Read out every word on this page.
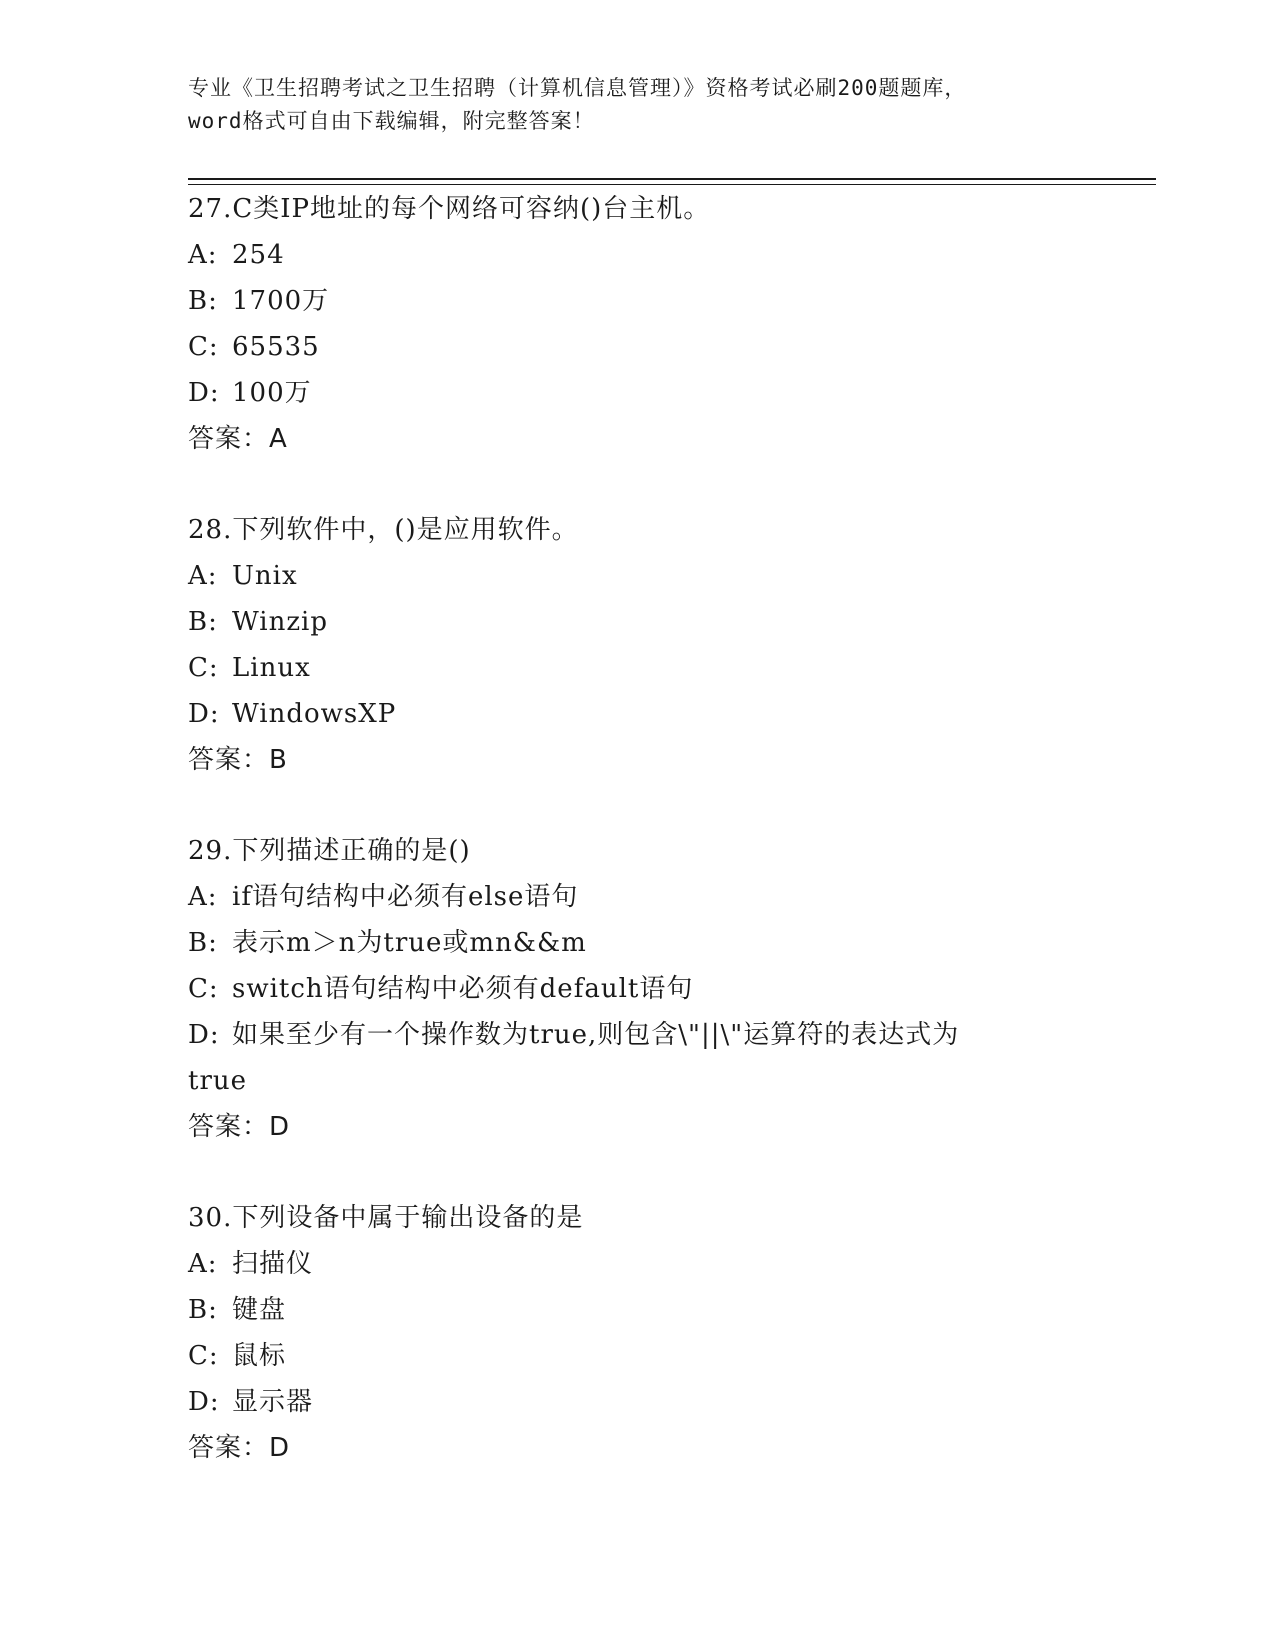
专业《卫生招聘考试之卫生招聘（计算机信息管理）》资格考试必刷200题题库，
word格式可自由下载编辑，附完整答案！
27.C类IP地址的每个网络可容纳()台主机。
A: 254
B: 1700万
C: 65535
D: 100万
答案：A
28.下列软件中，()是应用软件。
A: Unix
B: Winzip
C: Linux
D: WindowsXP
答案：B
29.下列描述正确的是()
A: if语句结构中必须有else语句
B: 表示m＞n为true或mn&&m
C: switch语句结构中必须有default语句
D: 如果至少有一个操作数为true,则包含\"||\"运算符的表达式为
true
答案：D
30.下列设备中属于输出设备的是
A: 扫描仪
B: 键盘
C: 鼠标
D: 显示器
答案：D
